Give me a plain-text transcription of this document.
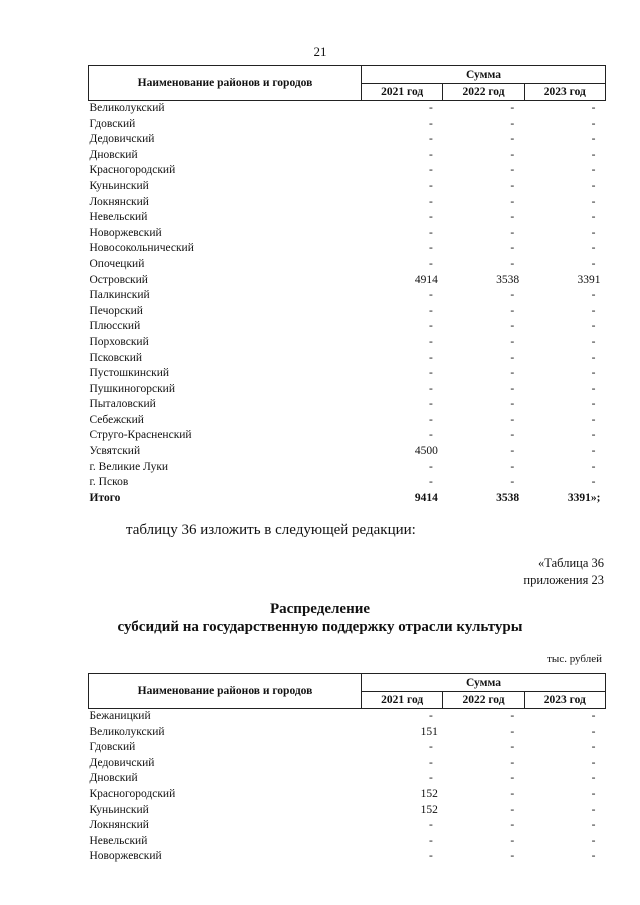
21
Наименование районов и городов	Сумма		
	2021 год	2022 год	2023 год
Великолукский	-	-	-
Гдовский	-	-	-
Дедовичский	-	-	-
Дновский	-	-	-
Красногородский	-	-	-
Куньинский	-	-	-
Локнянский	-	-	-
Невельский	-	-	-
Новоржевский	-	-	-
Новосокольнический	-	-	-
Опочецкий	-	-	-
Островский	4914	3538	3391
Палкинский	-	-	-
Печорский	-	-	-
Плюсский	-	-	-
Порховский	-	-	-
Псковский	-	-	-
Пустошкинский	-	-	-
Пушкиногорский	-	-	-
Пыталовский	-	-	-
Себежский	-	-	-
Струго-Красненский	-	-	-
Усвятский	4500	-	-
г. Великие Луки	-	-	-
г. Псков	-	-	-
Итого	9414	3538	3391»;
таблицу 36 изложить в следующей редакции:
«Таблица 36
приложения 23
Распределение
субсидий на государственную поддержку отрасли культуры
тыс. рублей
Наименование районов и городов	Сумма		
	2021 год	2022 год	2023 год
Бежаницкий	-	-	-
Великолукский	151	-	-
Гдовский	-	-	-
Дедовичский	-	-	-
Дновский	-	-	-
Красногородский	152	-	-
Куньинский	152	-	-
Локнянский	-	-	-
Невельский	-	-	-
Новоржевский	-	-	-
